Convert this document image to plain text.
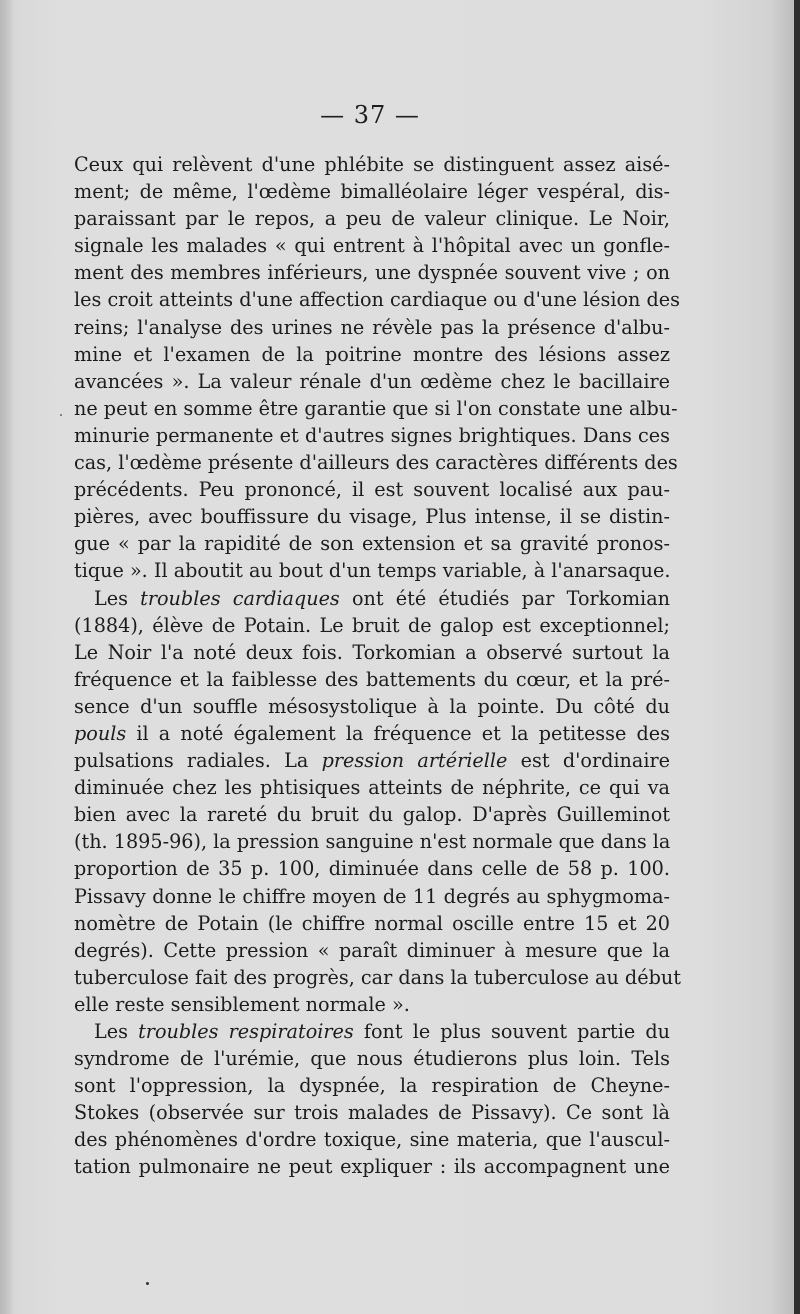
— 37 —
Ceux qui relèvent d'une phlébite se distinguent assez aisé-
ment; de même, l'œdème bimalléolaire léger vespéral, dis-
paraissant par le repos, a peu de valeur clinique. Le Noir,
signale les malades « qui entrent à l'hôpital avec un gonfle-
ment des membres inférieurs, une dyspnée souvent vive ; on
les croit atteints d'une affection cardiaque ou d'une lésion des
reins; l'analyse des urines ne révèle pas la présence d'albu-
mine et l'examen de la poitrine montre des lésions assez
avancées ». La valeur rénale d'un œdème chez le bacillaire
ne peut en somme être garantie que si l'on constate une albu-
minurie permanente et d'autres signes brightiques. Dans ces
cas, l'œdème présente d'ailleurs des caractères différents des
précédents. Peu prononcé, il est souvent localisé aux pau-
pières, avec bouffissure du visage, Plus intense, il se distin-
gue « par la rapidité de son extension et sa gravité pronos-
tique ». Il aboutit au bout d'un temps variable, à l'anarsaque.
Les troubles cardiaques ont été étudiés par Torkomian
(1884), élève de Potain. Le bruit de galop est exceptionnel;
Le Noir l'a noté deux fois. Torkomian a observé surtout la
fréquence et la faiblesse des battements du cœur, et la pré-
sence d'un souffle mésosystolique à la pointe. Du côté du
pouls il a noté également la fréquence et la petitesse des
pulsations radiales. La pression artérielle est d'ordinaire
diminuée chez les phtisiques atteints de néphrite, ce qui va
bien avec la rareté du bruit du galop. D'après Guilleminot
(th. 1895-96), la pression sanguine n'est normale que dans la
proportion de 35 p. 100, diminuée dans celle de 58 p. 100.
Pissavy donne le chiffre moyen de 11 degrés au sphygmoma-
nomètre de Potain (le chiffre normal oscille entre 15 et 20
degrés). Cette pression « paraît diminuer à mesure que la
tuberculose fait des progrès, car dans la tuberculose au début
elle reste sensiblement normale ».
Les troubles respiratoires font le plus souvent partie du
syndrome de l'urémie, que nous étudierons plus loin. Tels
sont l'oppression, la dyspnée, la respiration de Cheyne-
Stokes (observée sur trois malades de Pissavy). Ce sont là
des phénomènes d'ordre toxique, sine materia, que l'auscul-
tation pulmonaire ne peut expliquer : ils accompagnent une
